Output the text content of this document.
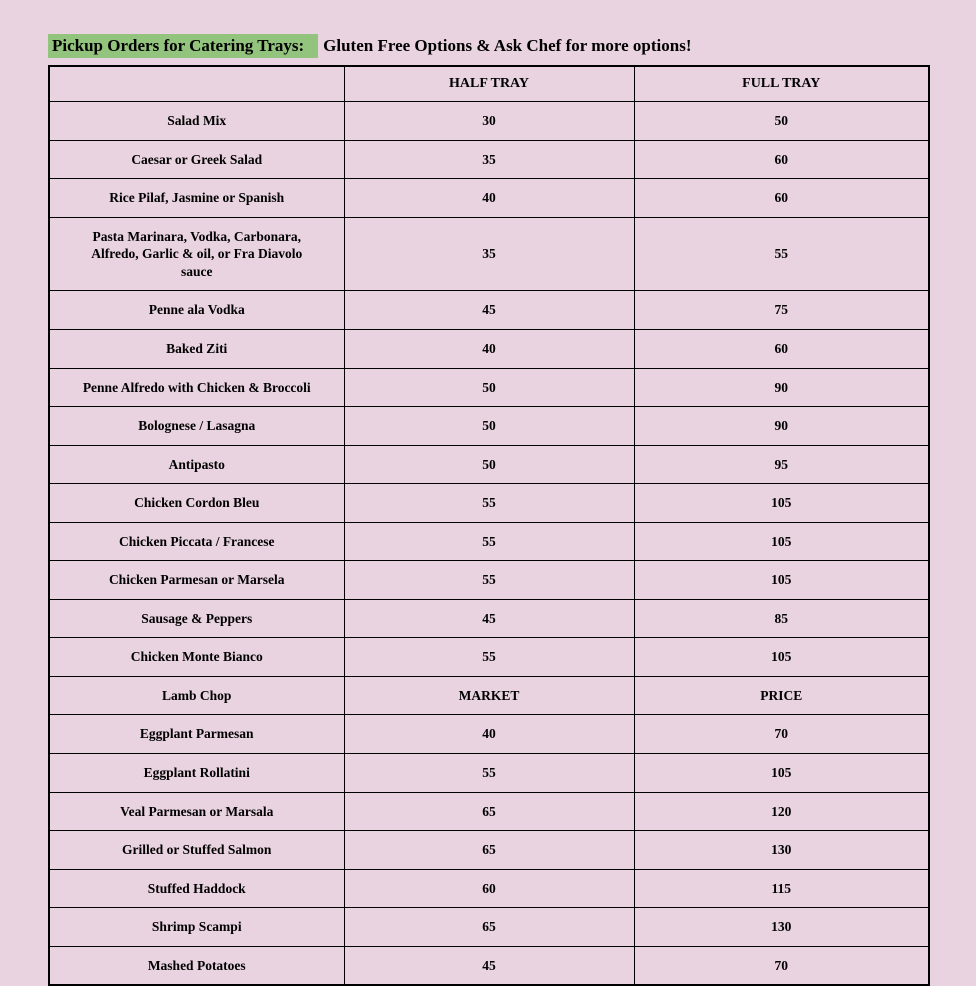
Pickup Orders for Catering Trays: Gluten Free Options & Ask Chef for more options!
	HALF TRAY	FULL TRAY
Salad Mix	30	50
Caesar or Greek Salad	35	60
Rice Pilaf, Jasmine or Spanish	40	60
Pasta Marinara, Vodka, Carbonara, Alfredo, Garlic & oil, or Fra Diavolo sauce	35	55
Penne ala Vodka	45	75
Baked Ziti	40	60
Penne Alfredo with Chicken & Broccoli	50	90
Bolognese / Lasagna	50	90
Antipasto	50	95
Chicken Cordon Bleu	55	105
Chicken Piccata / Francese	55	105
Chicken Parmesan or Marsela	55	105
Sausage & Peppers	45	85
Chicken Monte Bianco	55	105
Lamb Chop	MARKET	PRICE
Eggplant Parmesan	40	70
Eggplant Rollatini	55	105
Veal Parmesan or Marsala	65	120
Grilled or Stuffed Salmon	65	130
Stuffed Haddock	60	115
Shrimp Scampi	65	130
Mashed Potatoes	45	70
